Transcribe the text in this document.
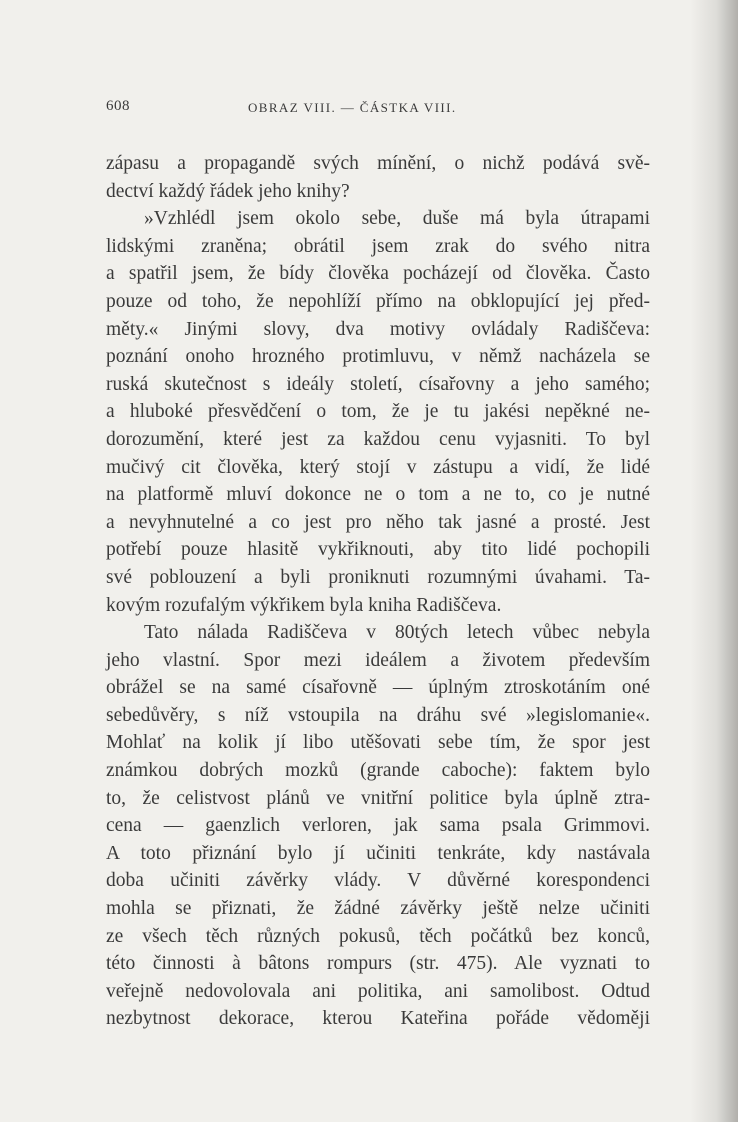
608	OBRAZ VIII. — ČÁSTKA VIII.
zápasu a propagandě svých mínění, o nichž podává svě-
dectví každý řádek jeho knihy?
»Vzhlédl jsem okolo sebe, duše má byla útrapami
lidskými zraněna; obrátil jsem zrak do svého nitra
a spatřil jsem, že bídy člověka pocházejí od člověka. Často
pouze od toho, že nepohlíží přímo na obklopující jej před-
měty.« Jinými slovy, dva motivy ovládaly Radiščeva:
poznání onoho hrozného protimluvu, v němž nacházela se
ruská skutečnost s ideály století, císařovny a jeho samého;
a hluboké přesvědčení o tom, že je tu jakési nepěkné ne-
dorozumění, které jest za každou cenu vyjasniti. To byl
mučivý cit člověka, který stojí v zástupu a vidí, že lidé
na platformě mluví dokonce ne o tom a ne to, co je nutné
a nevyhnutelné a co jest pro něho tak jasné a prosté. Jest
potřebí pouze hlasitě vykřiknouti, aby tito lidé pochopili
své poblouzení a byli proniknuti rozumnými úvahami. Ta-
kovým rozufalým výkřikem byla kniha Radiščeva.
Tato nálada Radiščeva v 80tých letech vůbec nebyla
jeho vlastní. Spor mezi ideálem a životem především
obrážel se na samé císařovně — úplným ztroskotáním oné
sebedůvěry, s níž vstoupila na dráhu své »legislomanie«.
Mohlať na kolik jí libo utěšovati sebe tím, že spor jest
známkou dobrých mozků (grande caboche): faktem bylo
to, že celistvost plánů ve vnitřní politice byla úplně ztra-
cena — gaenzlich verloren, jak sama psala Grimmovi.
A toto přiznání bylo jí učiniti tenkráte, kdy nastávala
doba učiniti závěrky vlády. V důvěrné korespondenci
mohla se přiznati, že žádné závěrky ještě nelze učiniti
ze všech těch různých pokusů, těch počátků bez konců,
této činnosti à bâtons rompurs (str. 475). Ale vyznati to
veřejně nedovolovala ani politika, ani samolibost. Odtud
nezbytnost dekorace, kterou Kateřina pořáde vědoměji
